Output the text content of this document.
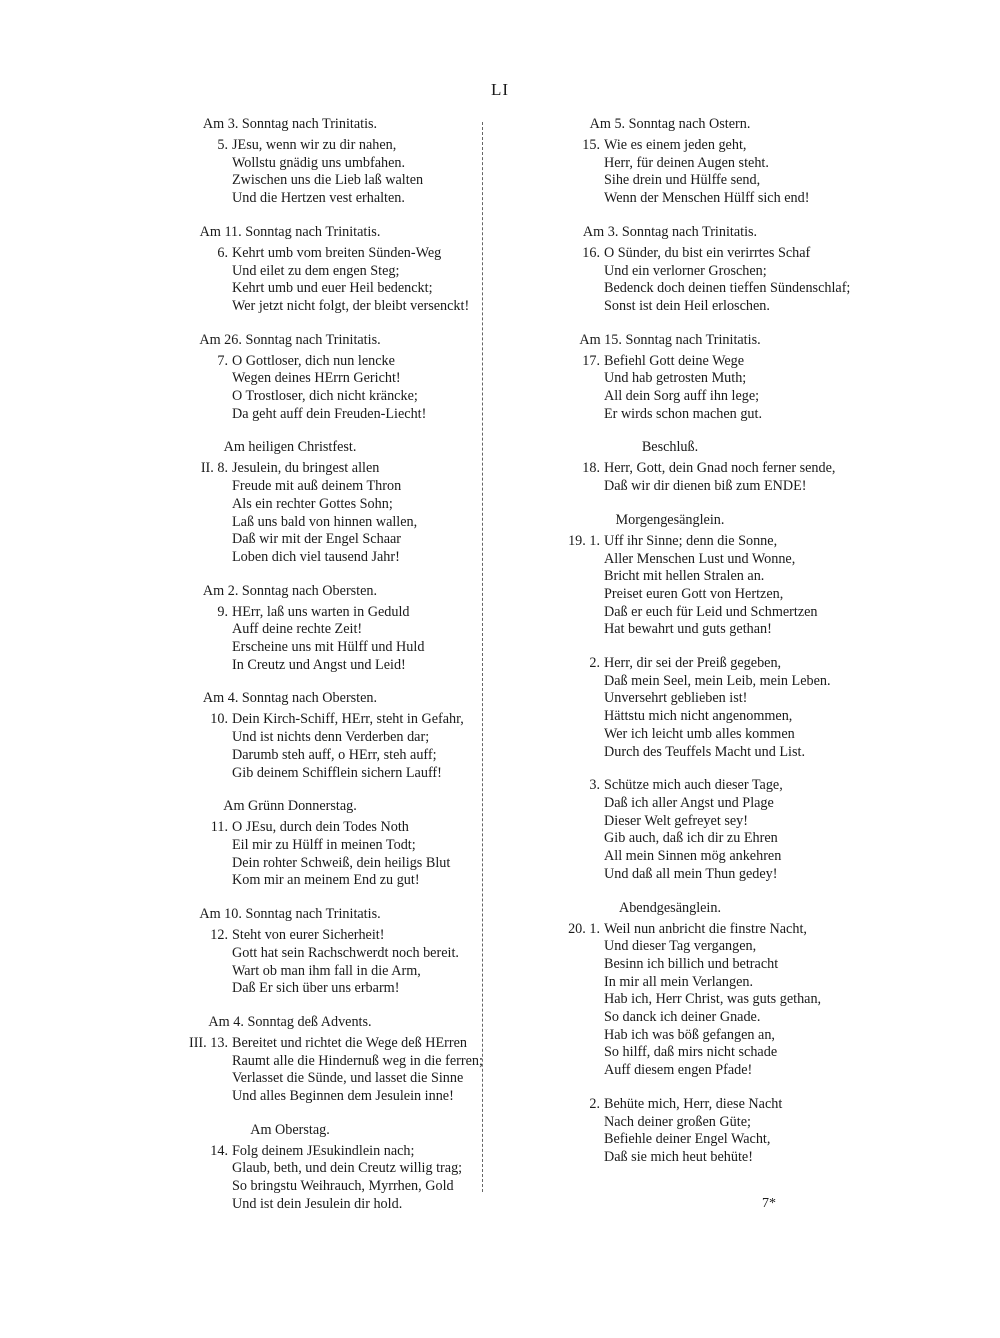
LI
Am 3. Sonntag nach Trinitatis.
5. JEsu, wenn wir zu dir nahen,
Wollstu gnädig uns umbfahen.
Zwischen uns die Lieb laß walten
Und die Hertzen vest erhalten.
Am 11. Sonntag nach Trinitatis.
6. Kehrt umb vom breiten Sünden-Weg
Und eilet zu dem engen Steg;
Kehrt umb und euer Heil bedenckt;
Wer jetzt nicht folgt, der bleibt versenckt!
Am 26. Sonntag nach Trinitatis.
7. O Gottloser, dich nun lencke
Wegen deines HErrn Gericht!
O Trostloser, dich nicht kräncke;
Da geht auff dein Freuden-Liecht!
Am heiligen Christfest.
II. 8. Jesulein, du bringest allen
Freude mit auß deinem Thron
Als ein rechter Gottes Sohn;
Laß uns bald von hinnen wallen,
Daß wir mit der Engel Schaar
Loben dich viel tausend Jahr!
Am 2. Sonntag nach Obersten.
9. HErr, laß uns warten in Geduld
Auff deine rechte Zeit!
Erscheine uns mit Hülff und Huld
In Creutz und Angst und Leid!
Am 4. Sonntag nach Obersten.
10. Dein Kirch-Schiff, HErr, steht in Gefahr,
Und ist nichts denn Verderben dar;
Darumb steh auff, o HErr, steh auff;
Gib deinem Schifflein sichern Lauff!
Am Grünn Donnerstag.
11. O JEsu, durch dein Todes Noth
Eil mir zu Hülff in meinen Todt;
Dein rohter Schweiß, dein heiligs Blut
Kom mir an meinem End zu gut!
Am 10. Sonntag nach Trinitatis.
12. Steht von eurer Sicherheit!
Gott hat sein Rachschwerdt noch bereit.
Wart ob man ihm fall in die Arm,
Daß Er sich über uns erbarm!
Am 4. Sonntag deß Advents.
III. 13. Bereitet und richtet die Wege deß HErren
Raumt alle die Hindernuß weg in die ferren;
Verlasset die Sünde, und lasset die Sinne
Und alles Beginnen dem Jesulein inne!
Am Oberstag.
14. Folg deinem JEsukindlein nach;
Glaub, beth, und dein Creutz willig trag;
So bringstu Weihrauch, Myrrhen, Gold
Und ist dein Jesulein dir hold.
Am 5. Sonntag nach Ostern.
15. Wie es einem jeden geht,
Herr, für deinen Augen steht.
Sihe drein und Hülffe send,
Wenn der Menschen Hülff sich end!
Am 3. Sonntag nach Trinitatis.
16. O Sünder, du bist ein verirrtes Schaf
Und ein verlorner Groschen;
Bedenck doch deinen tieffen Sündenschlaf;
Sonst ist dein Heil erloschen.
Am 15. Sonntag nach Trinitatis.
17. Befiehl Gott deine Wege
Und hab getrosten Muth;
All dein Sorg auff ihn lege;
Er wirds schon machen gut.
Beschluß.
18. Herr, Gott, dein Gnad noch ferner sende,
Daß wir dir dienen biß zum ENDE!
Morgengesänglein.
19. 1. Uff ihr Sinne; denn die Sonne,
Aller Menschen Lust und Wonne,
Bricht mit hellen Stralen an.
Preiset euren Gott von Hertzen,
Daß er euch für Leid und Schmertzen
Hat bewahrt und guts gethan!
2. Herr, dir sei der Preiß gegeben,
Daß mein Seel, mein Leib, mein Leben.
Unversehrt geblieben ist!
Hättstu mich nicht angenommen,
Wer ich leicht umb alles kommen
Durch des Teuffels Macht und List.
3. Schütze mich auch dieser Tage,
Daß ich aller Angst und Plage
Dieser Welt gefreyet sey!
Gib auch, daß ich dir zu Ehren
All mein Sinnen mög ankehren
Und daß all mein Thun gedey!
Abendgesänglein.
20. 1. Weil nun anbricht die finstre Nacht,
Und dieser Tag vergangen,
Besinn ich billich und betracht
In mir all mein Verlangen.
Hab ich, Herr Christ, was guts gethan,
So danck ich deiner Gnade.
Hab ich was böß gefangen an,
So hilff, daß mirs nicht schade
Auff diesem engen Pfade!
2. Behüte mich, Herr, diese Nacht
Nach deiner großen Güte;
Befiehle deiner Engel Wacht,
Daß sie mich heut behüte!
7*
